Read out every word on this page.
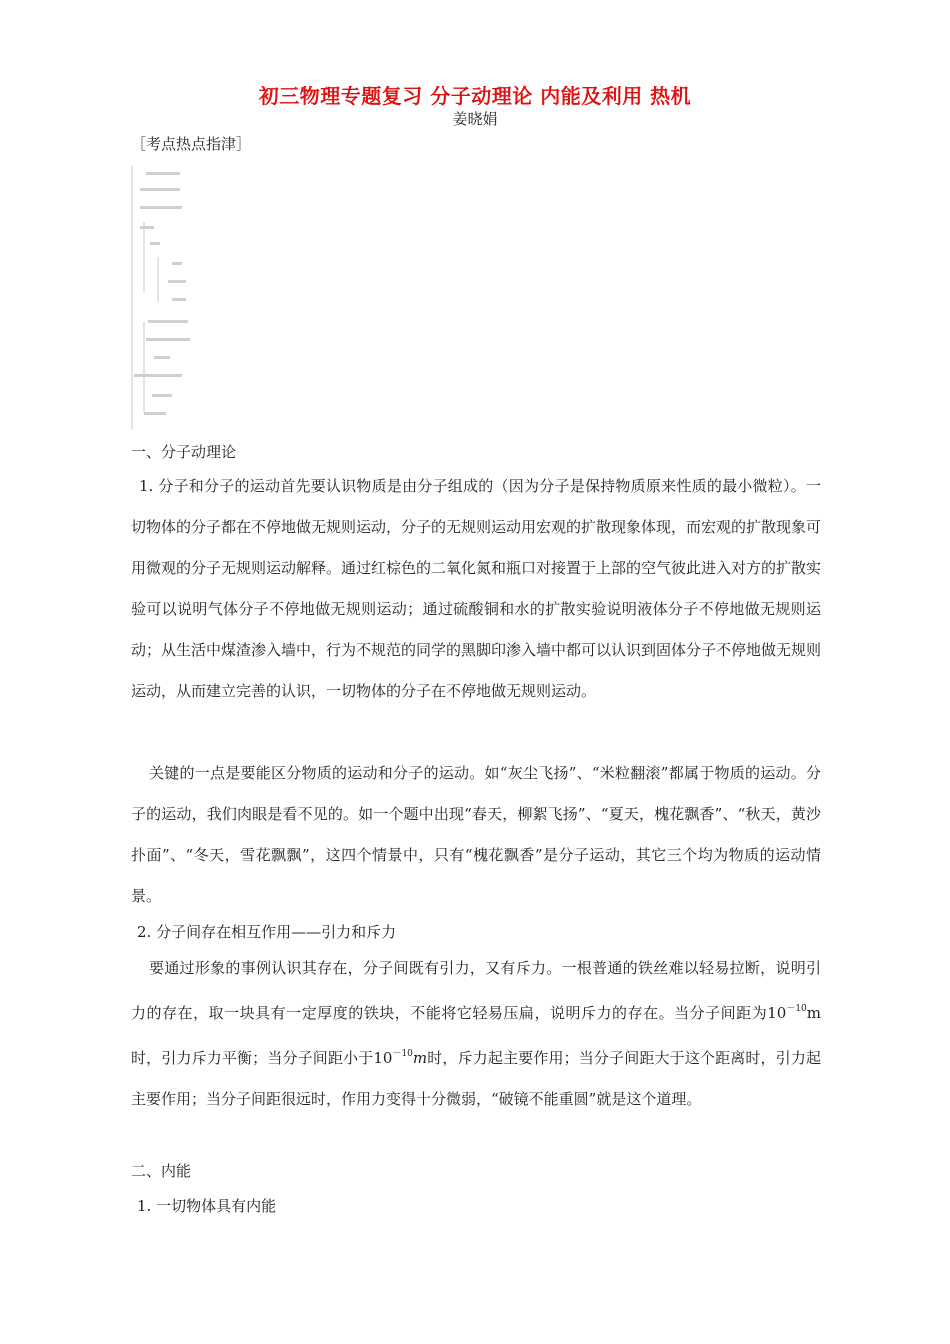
初三物理专题复习 分子动理论 内能及利用 热机
姜晓娟
［考点热点指津］
一、分子动理论

1. 分子和分子的运动首先要认识物质是由分子组成的（因为分子是保持物质原来性质的最小微粒）。一切物体的分子都在不停地做无规则运动，分子的无规则运动用宏观的扩散现象体现，而宏观的扩散现象可用微观的分子无规则运动解释。通过红棕色的二氧化氮和瓶口对接置于上部的空气彼此进入对方的扩散实验可以说明气体分子不停地做无规则运动；通过硫酸铜和水的扩散实验说明液体分子不停地做无规则运动；从生活中煤渣渗入墙中，行为不规范的同学的黑脚印渗入墙中都可以认识到固体分子不停地做无规则运动，从而建立完善的认识，一切物体的分子在不停地做无规则运动。

关键的一点是要能区分物质的运动和分子的运动。如“灰尘飞扬”、“米粒翻滚”都属于物质的运动。分子的运动，我们肉眼是看不见的。如一个题中出现“春天，柳絮飞扬”、“夏天，槐花飘香”、“秋天，黄沙扑面”、“冬天，雪花飘飘”，这四个情景中，只有“槐花飘香”是分子运动，其它三个均为物质的运动情景。

2. 分子间存在相互作用——引力和斥力

要通过形象的事例认识其存在，分子间既有引力，又有斥力。一根普通的铁丝难以轻易拉断，说明引力的存在，取一块具有一定厚度的铁块，不能将它轻易压扁，说明斥力的存在。当分子间距为$10^{-10}m$时，引力斥力平衡；当分子间距小于$10^{-10}m$时，斥力起主要作用；当分子间距大于这个距离时，引力起主要作用；当分子间距很远时，作用力变得十分微弱，“破镜不能重圆”就是这个道理。

二、内能
1. 一切物体具有内能
